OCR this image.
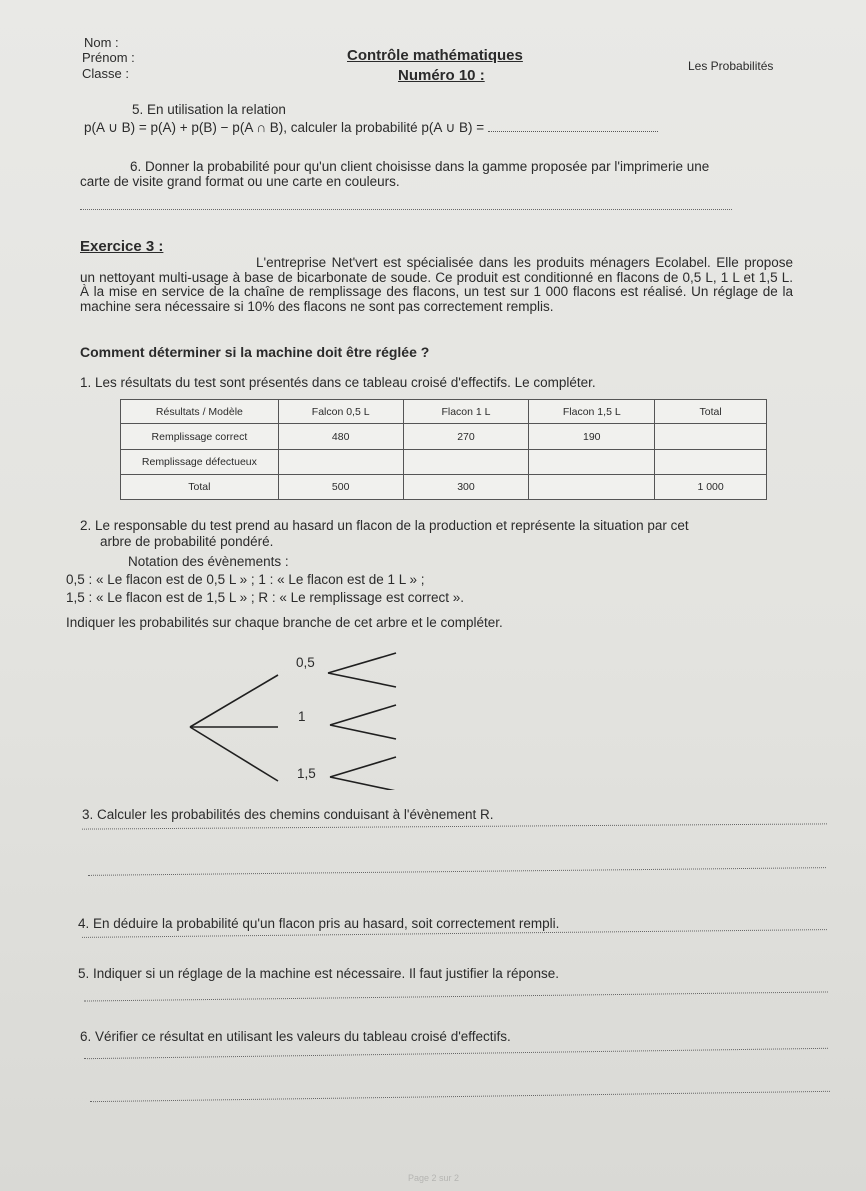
Nom :
Prénom :
Classe :
Contrôle mathématiques
Numéro 10 :
Les Probabilités
5. En utilisation la relation
p(A ∪ B) = p(A) + p(B) − p(A ∩ B), calculer la probabilité p(A ∪ B) =
6. Donner la probabilité pour qu'un client choisisse dans la gamme proposée par l'imprimerie une
carte de visite grand format ou une carte en couleurs.
Exercice 3 :
L'entreprise Net'vert est spécialisée dans les produits ménagers Ecolabel. Elle propose un nettoyant multi-usage à base de bicarbonate de soude. Ce produit est conditionné en flacons de 0,5 L, 1 L et 1,5 L. À la mise en service de la chaîne de remplissage des flacons, un test sur 1 000 flacons est réalisé. Un réglage de la machine sera nécessaire si 10% des flacons ne sont pas correctement remplis.
Comment déterminer si la machine doit être réglée ?
1. Les résultats du test sont présentés dans ce tableau croisé d'effectifs. Le compléter.
Résultats / Modèle	Falcon 0,5 L	Flacon 1 L	Flacon 1,5 L	Total
Remplissage correct	480	270	190	
Remplissage défectueux				
Total	500	300		1 000
2. Le responsable du test prend au hasard un flacon de la production et représente la situation par cet
arbre de probabilité pondéré.
Notation des évènements :
0,5 : « Le flacon est de 0,5 L » ; 1 : « Le flacon est de 1 L » ;
1,5 : « Le flacon est de 1,5 L » ; R : « Le remplissage est correct ».
Indiquer les probabilités sur chaque branche de cet arbre et le compléter.
0,5
1
1,5
3. Calculer les probabilités des chemins conduisant à l'évènement R.
4. En déduire la probabilité qu'un flacon pris au hasard, soit correctement rempli.
5. Indiquer si un réglage de la machine est nécessaire. Il faut justifier la réponse.
6. Vérifier ce résultat en utilisant les valeurs du tableau croisé d'effectifs.
Page 2 sur 2
